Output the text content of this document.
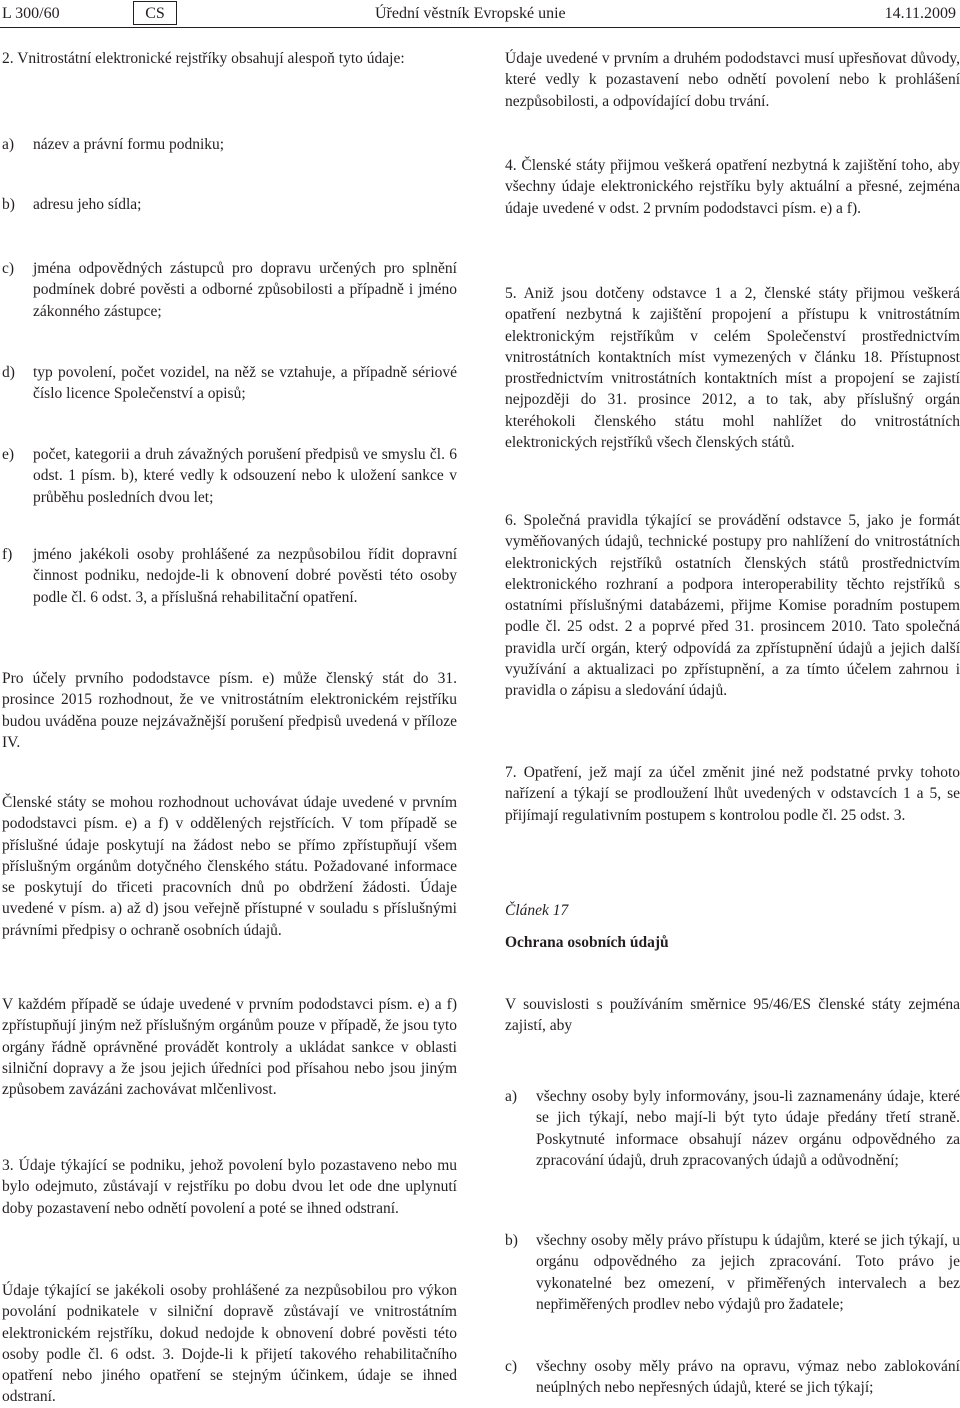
L 300/60	CS	Úřední věstník Evropské unie	14.11.2009

2. Vnitrostátní elektronické rejstříky obsahují alespoň tyto údaje:

a) název a právní formu podniku;

b) adresu jeho sídla;

c) jména odpovědných zástupců pro dopravu určených pro splnění podmínek dobré pověsti a odborné způsobilosti a případně i jméno zákonného zástupce;

d) typ povolení, počet vozidel, na něž se vztahuje, a případně sériové číslo licence Společenství a opisů;

e) počet, kategorii a druh závažných porušení předpisů ve smyslu čl. 6 odst. 1 písm. b), které vedly k odsouzení nebo k uložení sankce v průběhu posledních dvou let;

f) jméno jakékoli osoby prohlášené za nezpůsobilou řídit dopravní činnost podniku, nedojde-li k obnovení dobré pověsti této osoby podle čl. 6 odst. 3, a příslušná rehabilitační opatření.

Pro účely prvního pododstavce písm. e) může členský stát do 31. prosince 2015 rozhodnout, že ve vnitrostátním elektronickém rejstříku budou uváděna pouze nejzávažnější porušení předpisů uvedená v příloze IV.

Členské státy se mohou rozhodnout uchovávat údaje uvedené v prvním pododstavci písm. e) a f) v oddělených rejstřících. V tom případě se příslušné údaje poskytují na žádost nebo se přímo zpřístupňují všem příslušným orgánům dotyčného členského státu. Požadované informace se poskytují do třiceti pracovních dnů po obdržení žádosti. Údaje uvedené v písm. a) až d) jsou veřejně přístupné v souladu s příslušnými právními předpisy o ochraně osobních údajů.

V každém případě se údaje uvedené v prvním pododstavci písm. e) a f) zpřístupňují jiným než příslušným orgánům pouze v případě, že jsou tyto orgány řádně oprávněné provádět kontroly a ukládat sankce v oblasti silniční dopravy a že jsou jejich úředníci pod přísahou nebo jsou jiným způsobem zavázáni zachovávat mlčenlivost.

3. Údaje týkající se podniku, jehož povolení bylo pozastaveno nebo mu bylo odejmuto, zůstávají v rejstříku po dobu dvou let ode dne uplynutí doby pozastavení nebo odnětí povolení a poté se ihned odstraní.

Údaje týkající se jakékoli osoby prohlášené za nezpůsobilou pro výkon povolání podnikatele v silniční dopravě zůstávají ve vnitrostátním elektronickém rejstříku, dokud nedojde k obnovení dobré pověsti této osoby podle čl. 6 odst. 3. Dojde-li k přijetí takového rehabilitačního opatření nebo jiného opatření se stejným účinkem, údaje se ihned odstraní.

Údaje uvedené v prvním a druhém pododstavci musí upřesňovat důvody, které vedly k pozastavení nebo odnětí povolení nebo k prohlášení nezpůsobilosti, a odpovídající dobu trvání.

4. Členské státy přijmou veškerá opatření nezbytná k zajištění toho, aby všechny údaje elektronického rejstříku byly aktuální a přesné, zejména údaje uvedené v odst. 2 prvním pododstavci písm. e) a f).

5. Aniž jsou dotčeny odstavce 1 a 2, členské státy přijmou veškerá opatření nezbytná k zajištění propojení a přístupu k vnitrostátním elektronickým rejstříkům v celém Společenství prostřednictvím vnitrostátních kontaktních míst vymezených v článku 18. Přístupnost prostřednictvím vnitrostátních kontaktních míst a propojení se zajistí nejpozději do 31. prosince 2012, a to tak, aby příslušný orgán kteréhokoli členského státu mohl nahlížet do vnitrostátních elektronických rejstříků všech členských států.

6. Společná pravidla týkající se provádění odstavce 5, jako je formát vyměňovaných údajů, technické postupy pro nahlížení do vnitrostátních elektronických rejstříků ostatních členských států prostřednictvím elektronického rozhraní a podpora interoperability těchto rejstříků s ostatními příslušnými databázemi, přijme Komise poradním postupem podle čl. 25 odst. 2 a poprvé před 31. prosincem 2010. Tato společná pravidla určí orgán, který odpovídá za zpřístupnění údajů a jejich další využívání a aktualizaci po zpřístupnění, a za tímto účelem zahrnou i pravidla o zápisu a sledování údajů.

7. Opatření, jež mají za účel změnit jiné než podstatné prvky tohoto nařízení a týkají se prodloužení lhůt uvedených v odstavcích 1 a 5, se přijímají regulativním postupem s kontrolou podle čl. 25 odst. 3.

Článek 17

Ochrana osobních údajů

V souvislosti s používáním směrnice 95/46/ES členské státy zejména zajistí, aby

a) všechny osoby byly informovány, jsou-li zaznamenány údaje, které se jich týkají, nebo mají-li být tyto údaje předány třetí straně. Poskytnuté informace obsahují název orgánu odpovědného za zpracování údajů, druh zpracovaných údajů a odůvodnění;

b) všechny osoby měly právo přístupu k údajům, které se jich týkají, u orgánu odpovědného za jejich zpracování. Toto právo je vykonatelné bez omezení, v přiměřených intervalech a bez nepřiměřených prodlev nebo výdajů pro žadatele;

c) všechny osoby měly právo na opravu, výmaz nebo zablokování neúplných nebo nepřesných údajů, které se jich týkají;
